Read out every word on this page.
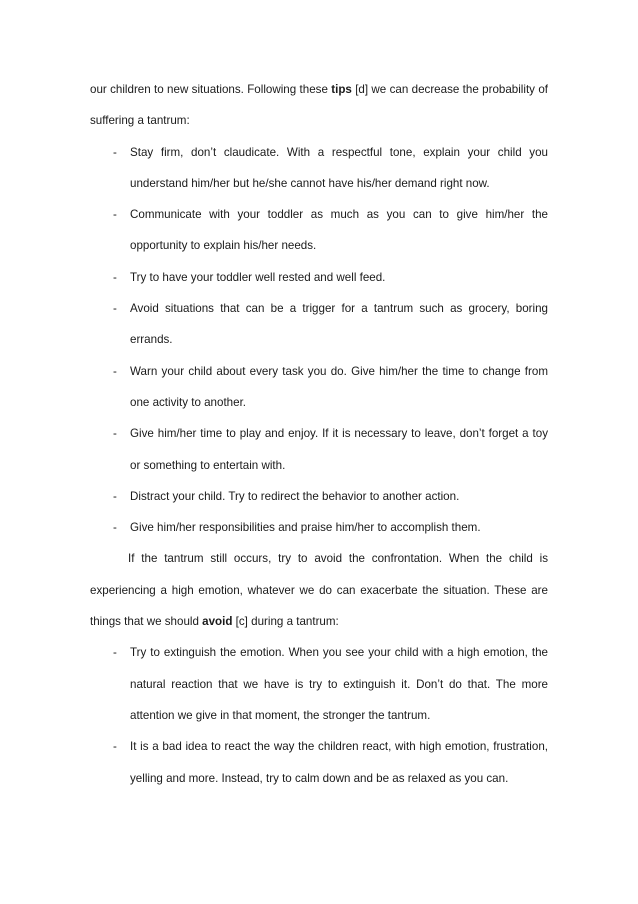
our children to new situations. Following these tips [d] we can decrease the probability of suffering a tantrum:

- Stay firm, don’t claudicate. With a respectful tone, explain your child you understand him/her but he/she cannot have his/her demand right now.
- Communicate with your toddler as much as you can to give him/her the opportunity to explain his/her needs.
- Try to have your toddler well rested and well feed.
- Avoid situations that can be a trigger for a tantrum such as grocery, boring errands.
- Warn your child about every task you do. Give him/her the time to change from one activity to another.
- Give him/her time to play and enjoy. If it is necessary to leave, don’t forget a toy or something to entertain with.
- Distract your child. Try to redirect the behavior to another action.
- Give him/her responsibilities and praise him/her to accomplish them.

If the tantrum still occurs, try to avoid the confrontation. When the child is experiencing a high emotion, whatever we do can exacerbate the situation. These are things that we should avoid [c] during a tantrum:

- Try to extinguish the emotion. When you see your child with a high emotion, the natural reaction that we have is try to extinguish it. Don’t do that. The more attention we give in that moment, the stronger the tantrum.
- It is a bad idea to react the way the children react, with high emotion, frustration, yelling and more. Instead, try to calm down and be as relaxed as you can.
